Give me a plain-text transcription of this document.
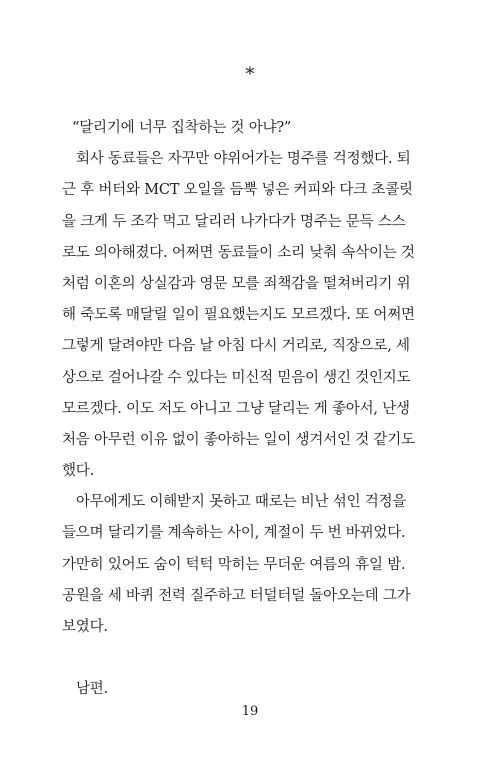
*
“달리기에 너무 집착하는 것 아냐?”
회사 동료들은 자꾸만 야위어가는 명주를 걱정했다. 퇴
근 후 버터와 MCT 오일을 듬뿍 넣은 커피와 다크 초콜릿
을 크게 두 조각 먹고 달리러 나가다가 명주는 문득 스스
로도 의아해졌다. 어쩌면 동료들이 소리 낮춰 속삭이는 것
처럼 이혼의 상실감과 영문 모를 죄책감을 떨쳐버리기 위
해 죽도록 매달릴 일이 필요했는지도 모르겠다. 또 어쩌면
그렇게 달려야만 다음 날 아침 다시 거리로, 직장으로, 세
상으로 걸어나갈 수 있다는 미신적 믿음이 생긴 것인지도
모르겠다. 이도 저도 아니고 그냥 달리는 게 좋아서, 난생
처음 아무런 이유 없이 좋아하는 일이 생겨서인 것 같기도
했다.
아무에게도 이해받지 못하고 때로는 비난 섞인 걱정을
들으며 달리기를 계속하는 사이, 계절이 두 번 바뀌었다.
가만히 있어도 숨이 턱턱 막히는 무더운 여름의 휴일 밤.
공원을 세 바퀴 전력 질주하고 터덜터덜 돌아오는데 그가
보였다.
남편.
19
